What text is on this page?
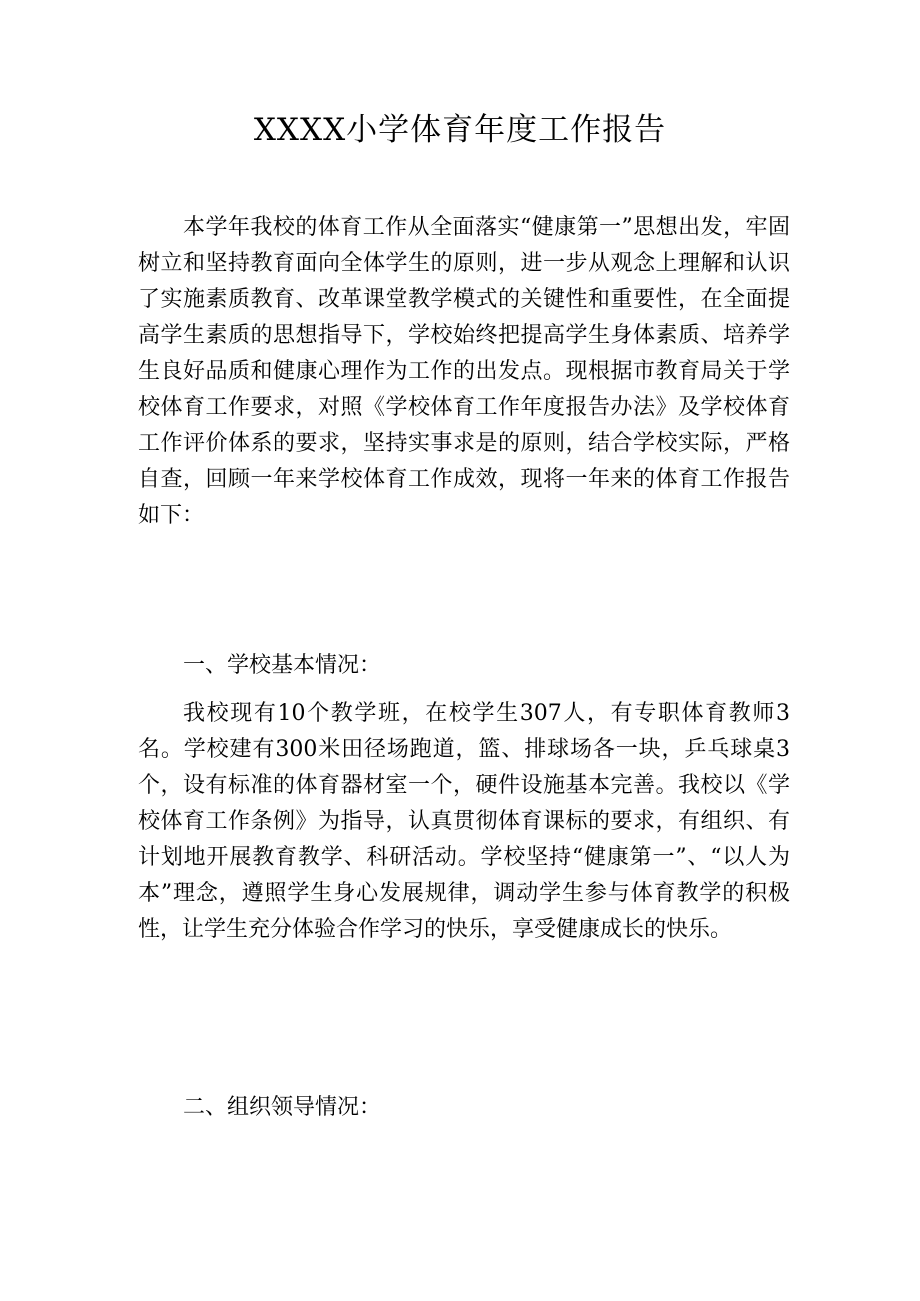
XXXX小学体育年度工作报告

本学年我校的体育工作从全面落实“健康第一”思想出发，牢固树立和坚持教育面向全体学生的原则，进一步从观念上理解和认识了实施素质教育、改革课堂教学模式的关键性和重要性，在全面提高学生素质的思想指导下，学校始终把提高学生身体素质、培养学生良好品质和健康心理作为工作的出发点。现根据市教育局关于学校体育工作要求，对照《学校体育工作年度报告办法》及学校体育工作评价体系的要求，坚持实事求是的原则，结合学校实际，严格自查，回顾一年来学校体育工作成效，现将一年来的体育工作报告如下：

一、学校基本情况：

我校现有10个教学班，在校学生307人，有专职体育教师3名。学校建有300米田径场跑道，篮、排球场各一块，乒乓球桌3个，设有标准的体育器材室一个，硬件设施基本完善。我校以《学校体育工作条例》为指导，认真贯彻体育课标的要求，有组织、有计划地开展教育教学、科研活动。学校坚持“健康第一”、“以人为本”理念，遵照学生身心发展规律，调动学生参与体育教学的积极性，让学生充分体验合作学习的快乐，享受健康成长的快乐。

二、组织领导情况：
